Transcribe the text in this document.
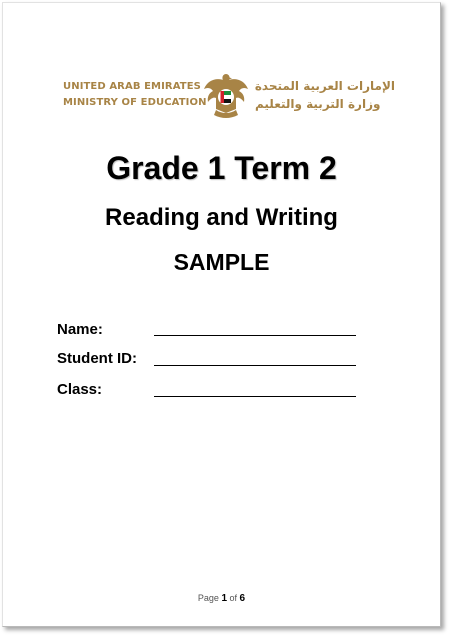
UNITED ARAB EMIRATES
MINISTRY OF EDUCATION
الإمارات العربية المتحدة
وزارة التربية والتعليم
Grade 1 Term 2
Reading and Writing
SAMPLE
Name:
Student ID:
Class:
Page 1 of 6
